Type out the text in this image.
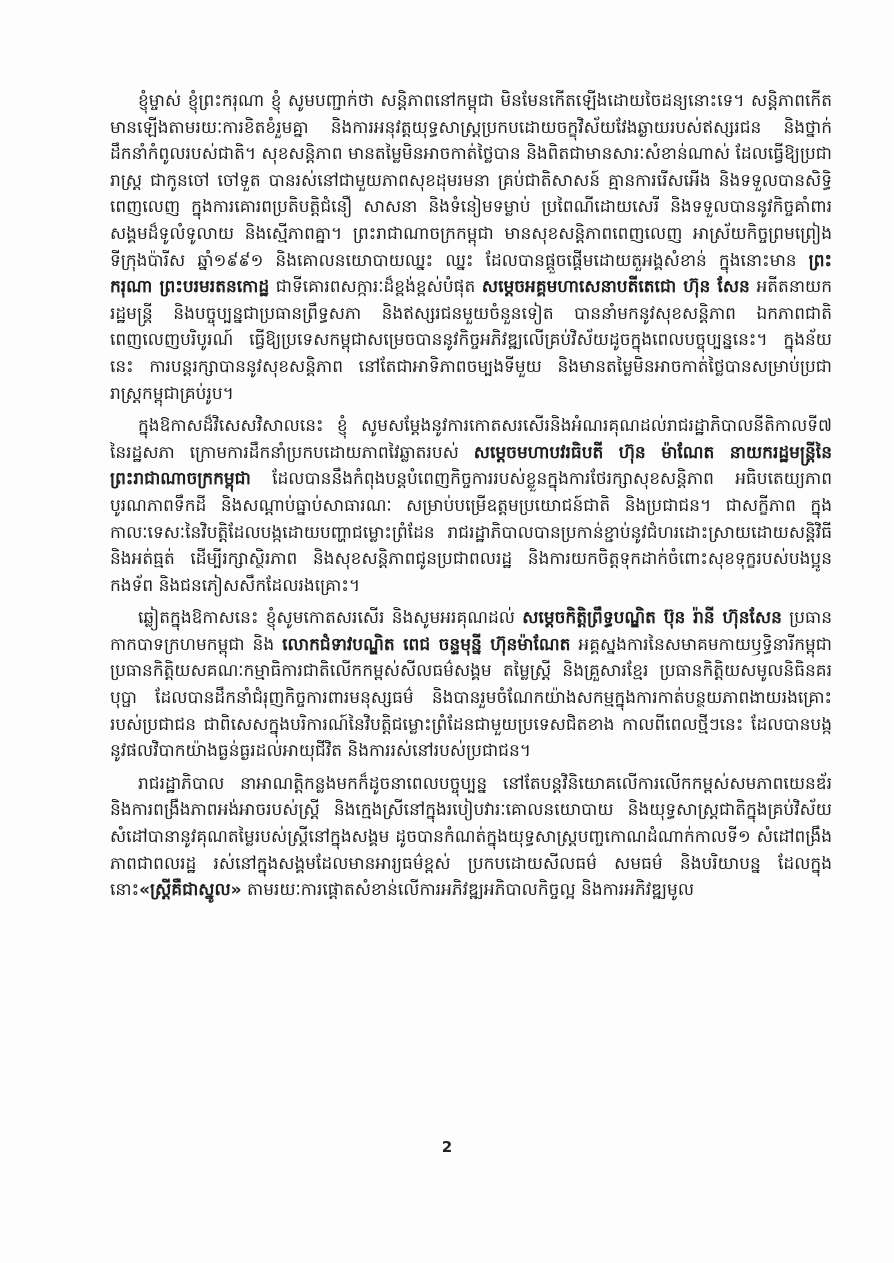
ខ្ញុំម្ចាស់ ខ្ញុំព្រះករុណា ខ្ញុំ សូមបញ្ជាក់ថា សន្តិភាពនៅកម្ពុជា មិនមែនកើតឡើងដោយចៃដន្យនោះទេ។ សន្តិភាពកើតមានឡើងតាមរយៈការខិតខំរួមគ្នា និងការអនុវត្តយុទ្ធសាស្ត្រប្រកបដោយចក្ខុវិស័យវែងឆ្ងាយរបស់ឥស្សរជន និងថ្នាក់ដឹកនាំកំពូលរបស់ជាតិ។ សុខសន្តិភាព មានតម្លៃមិនអាចកាត់ថ្លៃបាន និងពិតជាមានសារៈសំខាន់ណាស់ ដែលធ្វើឱ្យប្រជារាស្ត្រ ជាកូនចៅ ចៅទួត បានរស់នៅជាមួយភាពសុខដុមរមនា គ្រប់ជាតិសាសន៍ គ្មានការរើសអើង និងទទួលបានសិទ្ធិពេញលេញ ក្នុងការគោរពប្រតិបត្តិជំនឿ សាសនា និងទំនៀមទម្លាប់ ប្រពៃណីដោយសេរី និងទទួលបាននូវកិច្ចគាំពារសង្គមដ៏ទូលំទូលាយ និងស្មើភាពគ្នា។ ព្រះរាជាណាចក្រកម្ពុជា មានសុខសន្តិភាពពេញលេញ អាស្រ័យកិច្ចព្រមព្រៀងទីក្រុងប៉ារីស ឆ្នាំ១៩៩១ និងគោលនយោបាយឈ្នះ ឈ្នះ ដែលបានផ្តួចផ្តើមដោយតួអង្គសំខាន់ ក្នុងនោះមាន ព្រះករុណា ព្រះបរមរតនកោដ្ឋ ជាទីគោរពសក្ការៈដ៏ខ្ពង់ខ្ពស់បំផុត សម្តេចអគ្គមហាសេនាបតីតេជោ ហ៊ុន សែន អតីតនាយករដ្ឋមន្ត្រី និងបច្ចុប្បន្នជាប្រធានព្រឹទ្ធសភា និងឥស្សរជនមួយចំនួនទៀត បាននាំមកនូវសុខសន្តិភាព ឯកភាពជាតិពេញលេញបរិបូរណ៍ ធ្វើឱ្យប្រទេសកម្ពុជាសម្រេចបាននូវកិច្ចអភិវឌ្ឍលើគ្រប់វិស័យដូចក្នុងពេលបច្ចុប្បន្ននេះ។ ក្នុងន័យនេះ ការបន្តរក្សាបាននូវសុខសន្តិភាព នៅតែជាអាទិភាពចម្បងទីមួយ និងមានតម្លៃមិនអាចកាត់ថ្លៃបានសម្រាប់ប្រជារាស្ត្រកម្ពុជាគ្រប់រូប។

ក្នុងឱកាសដ៏វិសេសវិសាលនេះ ខ្ញុំ សូមសម្តែងនូវការកោតសរសើរនិងអំណរគុណដល់រាជរដ្ឋាភិបាលនីតិកាលទី៧ នៃរដ្ឋសភា ក្រោមការដឹកនាំប្រកបដោយភាពវៃឆ្លាតរបស់ សម្តេចមហាបវរធិបតី ហ៊ុន ម៉ាណែត នាយករដ្ឋមន្ត្រីនៃព្រះរាជាណាចក្រកម្ពុជា ដែលបាននឹងកំពុងបន្តបំពេញកិច្ចការរបស់ខ្លួនក្នុងការថែរក្សាសុខសន្តិភាព អធិបតេយ្យភាព បូរណភាពទឹកដី និងសណ្តាប់ធ្នាប់សាធារណៈ សម្រាប់បម្រើឧត្តមប្រយោជន៍ជាតិ និងប្រជាជន។ ជាសក្ខីភាព ក្នុងកាលៈទេសៈនៃវិបត្តិដែលបង្កដោយបញ្ហាជម្លោះព្រំដែន រាជរដ្ឋាភិបាលបានប្រកាន់ខ្ជាប់នូវជំហរដោះស្រាយដោយសន្តិវិធី និងអត់ធ្មត់ ដើម្បីរក្សាស្ថិរភាព និងសុខសន្តិភាពជូនប្រជាពលរដ្ឋ និងការយកចិត្តទុកដាក់ចំពោះសុខទុក្ខរបស់បងប្អូនកងទ័ព និងជនភៀសសឹកដែលរងគ្រោះ។

ឆ្លៀតក្នុងឱកាសនេះ ខ្ញុំសូមកោតសរសើរ និងសូមអរគុណដល់ សម្តេចកិត្តិព្រឹទ្ធបណ្ឌិត ប៊ុន រ៉ានី ហ៊ុនសែន ប្រធានកាកបាទក្រហមកម្ពុជា និង លោកជំទាវបណ្ឌិត ពេជ ចន្ទមុន្នី ហ៊ុនម៉ាណែត អគ្គស្នងការនៃសមាគមកាយឫទ្ធិនារីកម្ពុជា ប្រធានកិត្តិយសគណៈកម្មាធិការជាតិលើកកម្ពស់សីលធម៌សង្គម តម្លៃស្ត្រី និងគ្រួសារខ្មែរ ប្រធានកិត្តិយសមូលនិធិនគរបុប្ផា ដែលបានដឹកនាំជំរុញកិច្ចការពារមនុស្សធម៌ និងបានរួមចំណែកយ៉ាងសកម្មក្នុងការកាត់បន្ថយភាពងាយរងគ្រោះរបស់ប្រជាជន ជាពិសេសក្នុងបរិការណ៍នៃវិបត្តិជម្លោះព្រំដែនជាមួយប្រទេសជិតខាង កាលពីពេលថ្មីៗនេះ ដែលបានបង្កនូវផលវិបាកយ៉ាងធ្ងន់ធ្ងរដល់អាយុជីវិត និងការរស់នៅរបស់ប្រជាជន។

រាជរដ្ឋាភិបាល នាអាណត្តិកន្លងមកក៏ដូចនាពេលបច្ចុប្បន្ន នៅតែបន្តវិនិយោគលើការលើកកម្ពស់សមភាពយេនឌ័រ និងការពង្រឹងភាពអង់អាចរបស់ស្ត្រី និងក្មេងស្រីនៅក្នុងរបៀបវារៈគោលនយោបាយ និងយុទ្ធសាស្ត្រជាតិក្នុងគ្រប់វិស័យ សំដៅបានានូវគុណតម្លៃរបស់ស្ត្រីនៅក្នុងសង្គម ដូចបានកំណត់ក្នុងយុទ្ធសាស្ត្របញ្ចកោណដំណាក់កាលទី១ សំដៅពង្រឹងភាពជាពលរដ្ឋ រស់នៅក្នុងសង្គមដែលមានអារ្យធម៌ខ្ពស់ ប្រកបដោយសីលធម៌ សមធម៌ និងបរិយាបន្ន ដែលក្នុងនោះ«ស្ត្រីគឺជាស្នូល» តាមរយៈការផ្តោតសំខាន់លើការអភិវឌ្ឍអភិបាលកិច្ចល្អ និងការអភិវឌ្ឍមូល

2
